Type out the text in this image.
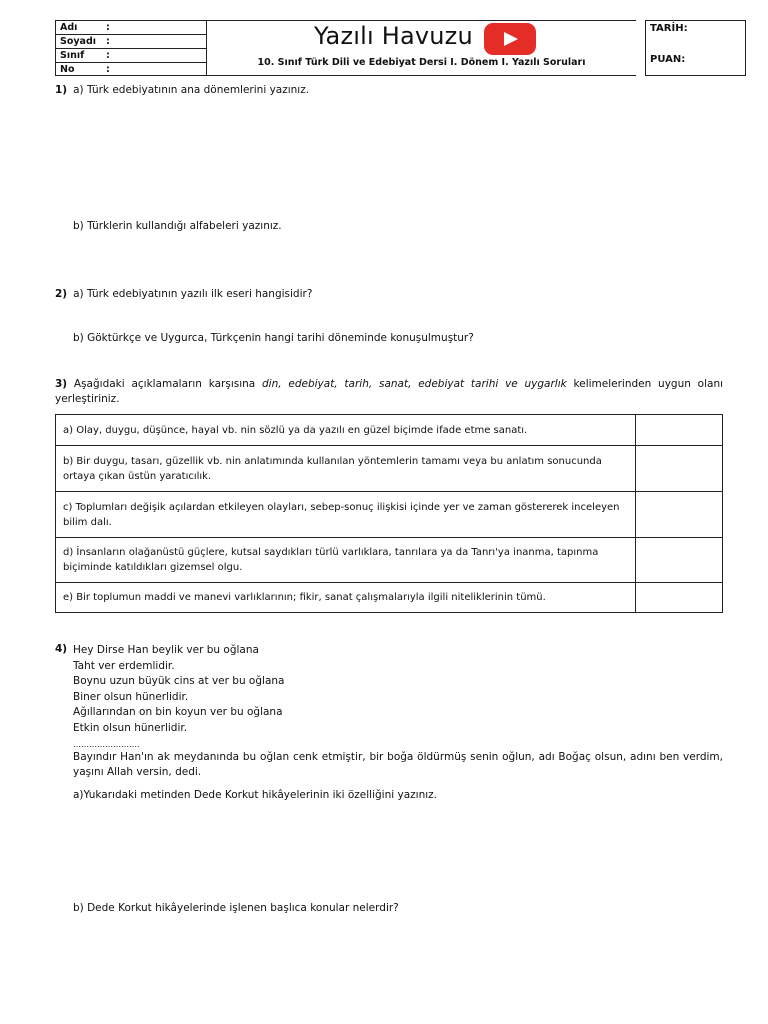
Adı	:
Soyadı :
Sınıf :
No	:
Yazılı Havuzu
10. Sınıf Türk Dili ve Edebiyat Dersi I. Dönem I. Yazılı Soruları
TARİH:
PUAN:
1) a) Türk edebiyatının ana dönemlerini yazınız.
b) Türklerin kullandığı alfabeleri yazınız.
2) a) Türk edebiyatının yazılı ilk eseri hangisidir?
b) Göktürkçe ve Uygurca, Türkçenin hangi tarihi döneminde konuşulmuştur?
3) Aşağıdaki açıklamaların karşısına din, edebiyat, tarih, sanat, edebiyat tarihi ve uygarlık kelimelerinden uygun olanı yerleştiriniz.
a) Olay, duygu, düşünce, hayal vb. nin sözlü ya da yazılı en güzel biçimde ifade etme sanatı.	
b) Bir duygu, tasarı, güzellik vb. nin anlatımında kullanılan yöntemlerin tamamı veya bu anlatım sonucunda ortaya çıkan üstün yaratıcılık.	
c) Toplumları değişik açılardan etkileyen olayları, sebep-sonuç ilişkisi içinde yer ve zaman göstererek inceleyen bilim dalı.	
d) İnsanların olağanüstü güçlere, kutsal saydıkları türlü varlıklara, tanrılara ya da Tanrı'ya inanma, tapınma biçiminde katıldıkları gizemsel olgu.	
e) Bir toplumun maddi ve manevi varlıklarının; fikir, sanat çalışmalarıyla ilgili niteliklerinin tümü.	
4) Hey Dirse Han beylik ver bu oğlana
Taht ver erdemlidir.
Boynu uzun büyük cins at ver bu oğlana
Biner olsun hünerlidir.
Ağıllarından on bin koyun ver bu oğlana
Etkin olsun hünerlidir.
…………………….
Bayındır Han'ın ak meydanında bu oğlan cenk etmiştir, bir boğa öldürmüş senin oğlun, adı Boğaç olsun, adını ben verdim, yaşını Allah versin, dedi.
a)Yukarıdaki metinden Dede Korkut hikâyelerinin iki özelliğini yazınız.
b) Dede Korkut hikâyelerinde işlenen başlıca konular nelerdir?
